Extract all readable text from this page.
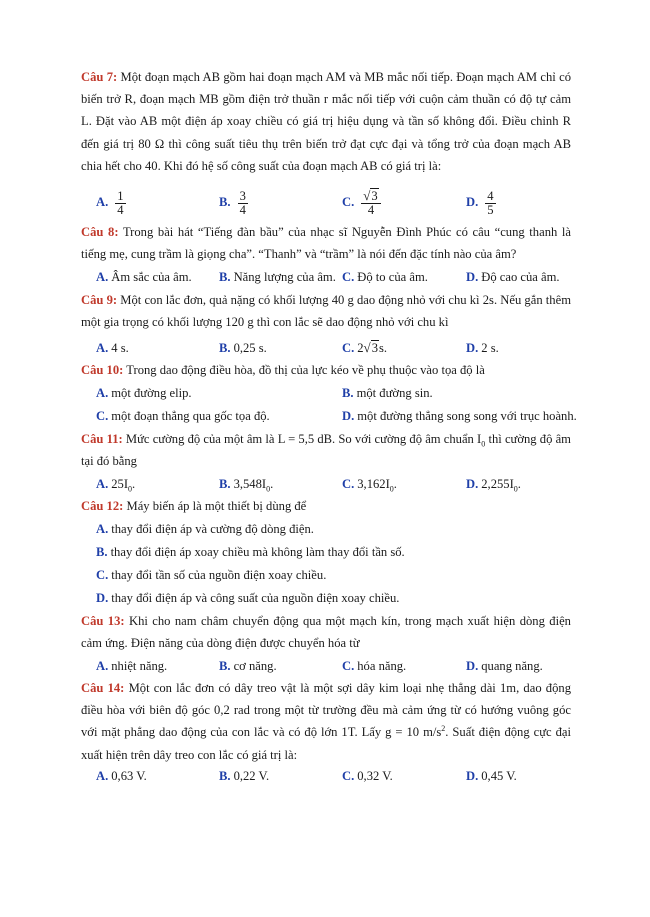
Câu 7: Một đoạn mạch AB gồm hai đoạn mạch AM và MB mắc nối tiếp. Đoạn mạch AM chỉ có biến trở R, đoạn mạch MB gồm điện trở thuần r mắc nối tiếp với cuộn cảm thuần có độ tự cảm L. Đặt vào AB một điện áp xoay chiều có giá trị hiệu dụng và tần số không đổi. Điều chỉnh R đến giá trị 80 Ω thì công suất tiêu thụ trên biến trở đạt cực đại và tổng trở của đoạn mạch AB chia hết cho 40. Khi đó hệ số công suất của đoạn mạch AB có giá trị là:
A. $\frac{1}{4}$	B. $\frac{3}{4}$	C. $\frac{√3}{4}$	D. $\frac{4}{5}$
Câu 8: Trong bài hát “Tiếng đàn bầu” của nhạc sĩ Nguyễn Đình Phúc có câu “cung thanh là tiếng mẹ, cung trầm là giọng cha”. “Thanh” và “trầm” là nói đến đặc tính nào của âm?
A. Âm sắc của âm. B. Năng lượng của âm. C. Độ to của âm.	D. Độ cao của âm.
Câu 9: Một con lắc đơn, quả nặng có khối lượng 40 g dao động nhỏ với chu kì 2s. Nếu gắn thêm một gia trọng có khối lượng 120 g thì con lắc sẽ dao động nhỏ với chu kì
A. 4 s.	B. 0,25 s.	C. 2√3s.	D. 2 s.
Câu 10: Trong dao động điều hòa, đồ thị của lực kéo về phụ thuộc vào tọa độ là
A. một đường elip.	B. một đường sin.
C. một đoạn thẳng qua gốc tọa độ.	D. một đường thẳng song song với trục hoành.
Câu 11: Mức cường độ của một âm là L = 5,5 dB. So với cường độ âm chuẩn $I_0$ thì cường độ âm tại đó bằng
A. $25I_0$.	B. $3,548I_0$.	C. $3,162I_0$.	D. $2,255I_0$.
Câu 12: Máy biến áp là một thiết bị dùng để
A. thay đổi điện áp và cường độ dòng điện.
B. thay đổi điện áp xoay chiều mà không làm thay đổi tần số.
C. thay đổi tần số của nguồn điện xoay chiều.
D. thay đổi điện áp và công suất của nguồn điện xoay chiều.
Câu 13: Khi cho nam châm chuyển động qua một mạch kín, trong mạch xuất hiện dòng điện cảm ứng. Điện năng của dòng điện được chuyển hóa từ
A. nhiệt năng.	B. cơ năng.	C. hóa năng.	D. quang năng.
Câu 14: Một con lắc đơn có dây treo vật là một sợi dây kim loại nhẹ thẳng dài 1m, dao động điều hòa với biên độ góc 0,2 rad trong một từ trường đều mà cảm ứng từ có hướng vuông góc với mặt phẳng dao động của con lắc và có độ lớn 1T. Lấy g = 10 $m/s^2$. Suất điện động cực đại xuất hiện trên dây treo con lắc có giá trị là:
A. 0,63 V.	B. 0,22 V.	C. 0,32 V.	D. 0,45 V.
